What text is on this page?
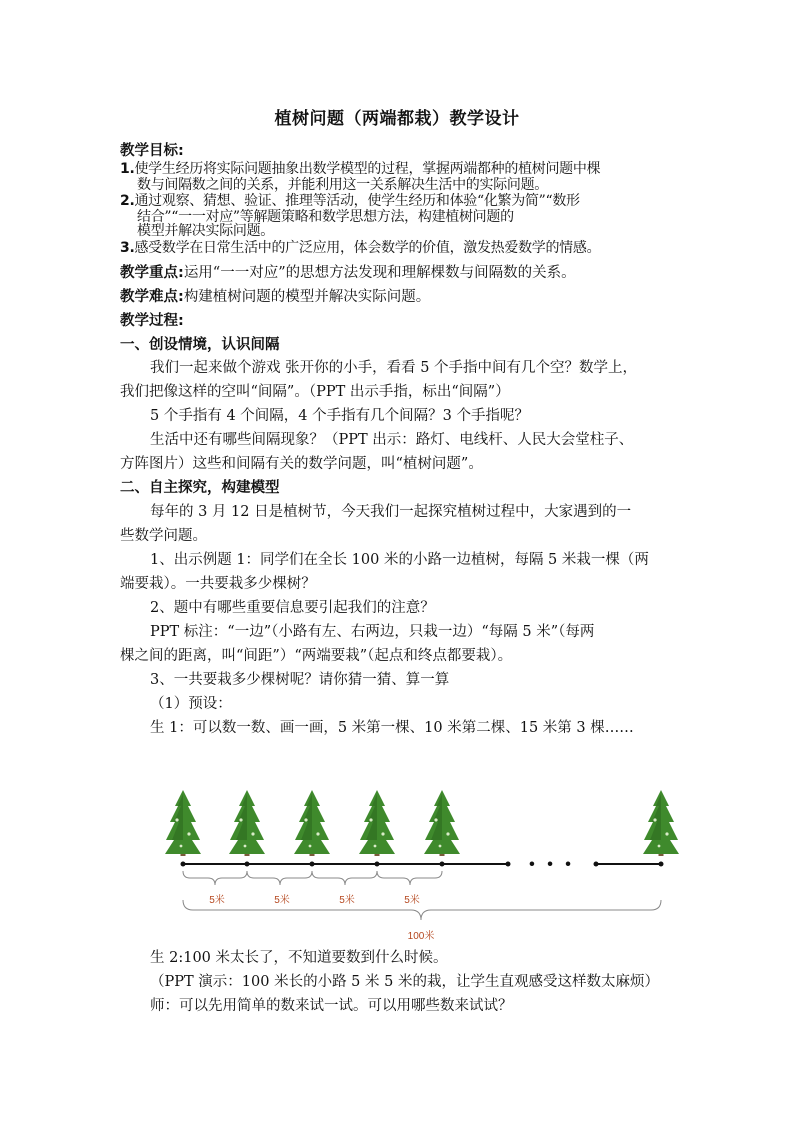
植树问题（两端都栽）教学设计
教学目标:
1.使学生经历将实际问题抽象出数学模型的过程，掌握两端都种的植树问题中棵
数与间隔数之间的关系，并能利用这一关系解决生活中的实际问题。
2.通过观察、猜想、验证、推理等活动，使学生经历和体验“化繁为简”“数形
结合”“一一对应”等解题策略和数学思想方法，构建植树问题的
模型并解决实际问题。
3.感受数学在日常生活中的广泛应用，体会数学的价值，激发热爱数学的情感。
教学重点:运用“一一对应”的思想方法发现和理解棵数与间隔数的关系。
教学难点:构建植树问题的模型并解决实际问题。
教学过程:
一、创设情境，认识间隔
我们一起来做个游戏 张开你的小手，看看 5 个手指中间有几个空？数学上，
我们把像这样的空叫“间隔”。（PPT 出示手指，标出“间隔”）
5 个手指有 4 个间隔，4 个手指有几个间隔？3 个手指呢？
生活中还有哪些间隔现象？（PPT 出示：路灯、电线杆、人民大会堂柱子、
方阵图片）这些和间隔有关的数学问题，叫“植树问题”。
二、自主探究，构建模型
每年的 3 月 12 日是植树节，今天我们一起探究植树过程中，大家遇到的一
些数学问题。
1、出示例题 1：同学们在全长 100 米的小路一边植树，每隔 5 米栽一棵（两
端要栽）。一共要栽多少棵树？
2、题中有哪些重要信息要引起我们的注意？
PPT 标注：“一边”（小路有左、右两边，只栽一边）“每隔 5 米”（每两
棵之间的距离，叫“间距”）“两端要栽”（起点和终点都要栽）。
3、一共要栽多少棵树呢？请你猜一猜、算一算
（1）预设：
生 1：可以数一数、画一画，5 米第一棵、10 米第二棵、15 米第 3 棵……
• • •
5米	5米	5米	5米
100米
生 2:100 米太长了，不知道要数到什么时候。
（PPT 演示：100 米长的小路 5 米 5 米的栽，让学生直观感受这样数太麻烦）
师：可以先用简单的数来试一试。可以用哪些数来试试？
